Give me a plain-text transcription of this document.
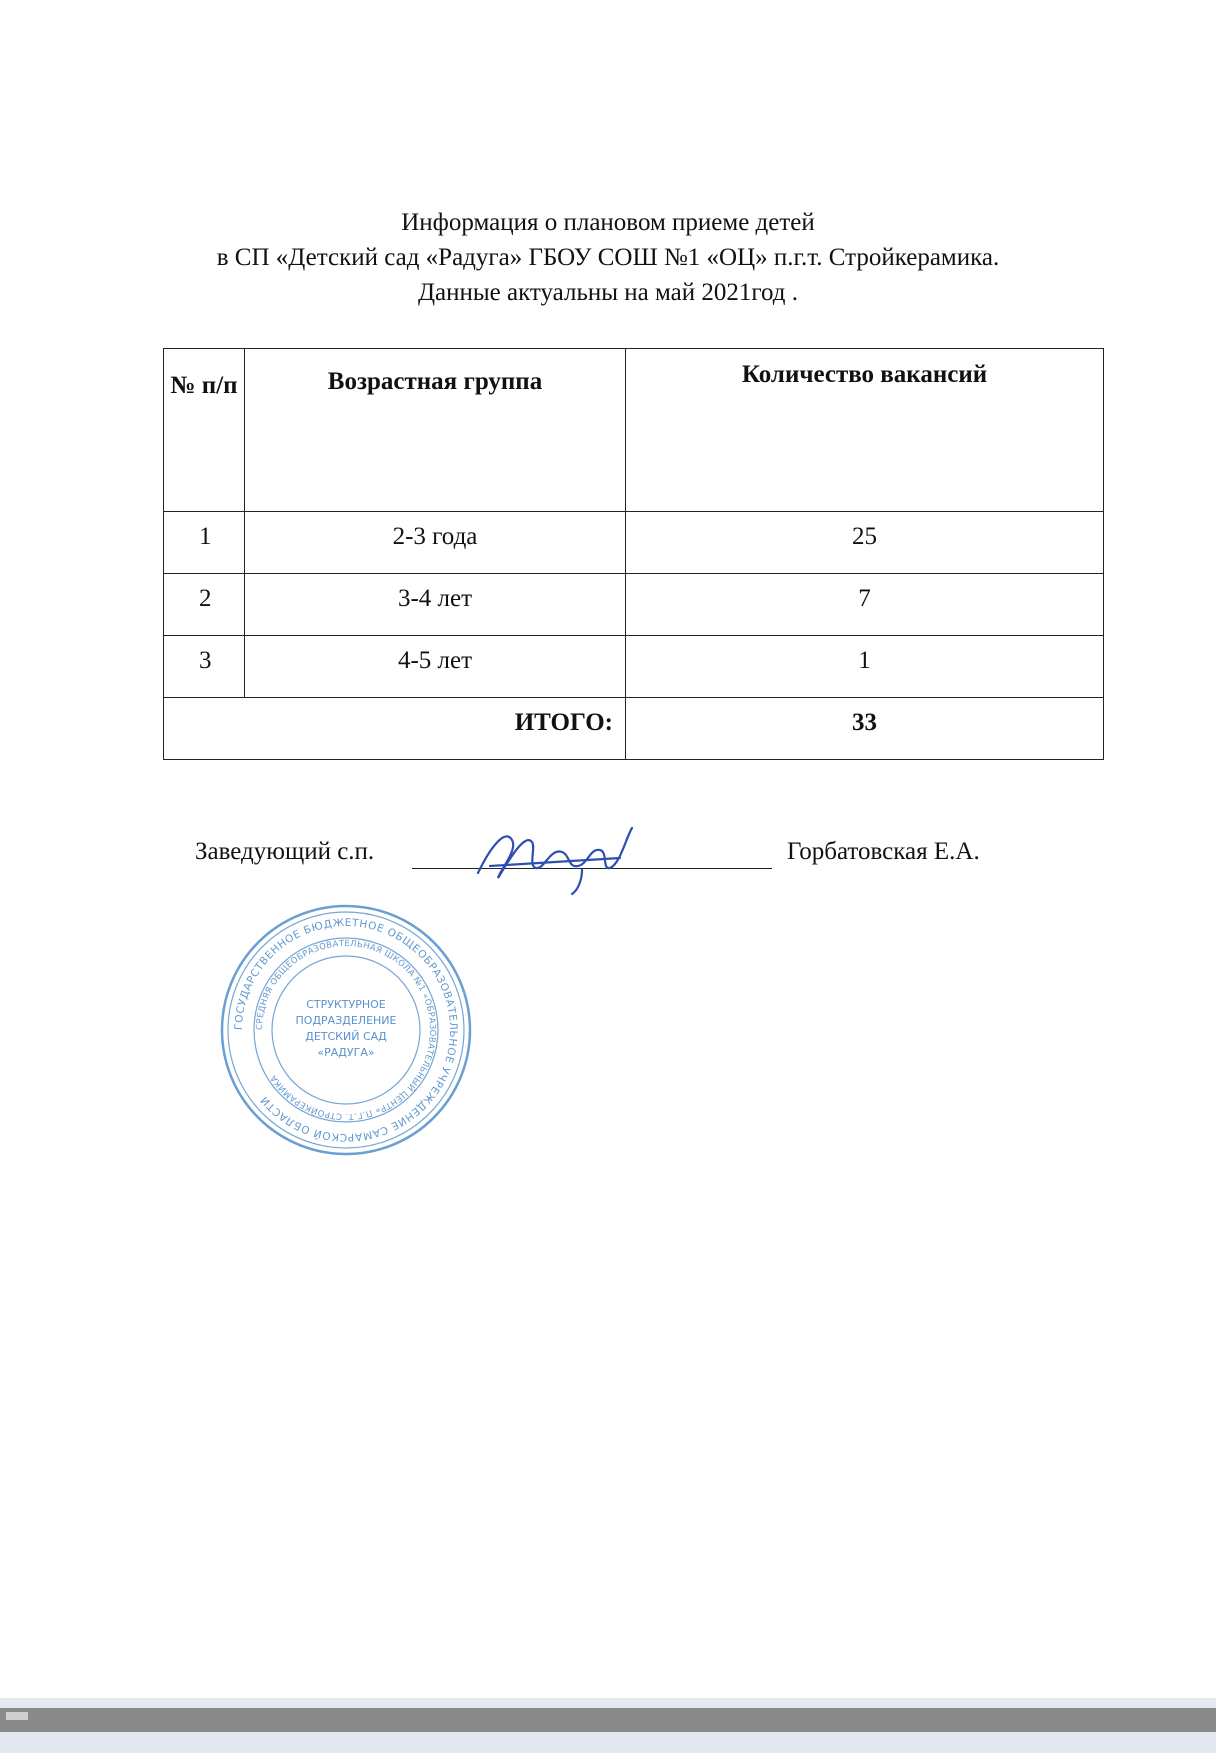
Информация о плановом приеме детей
в СП «Детский сад «Радуга» ГБОУ СОШ №1 «ОЦ» п.г.т. Стройкерамика.
Данные актуальны на май 2021год .
№ п/п	Возрастная группа	Количество вакансий
1	2-3 года	25
2	3-4 лет	7
3	4-5 лет	1
ИТОГО:		33
Заведующий с.п.	Горбатовская Е.А.
ГОСУДАРСТВЕННОЕ БЮДЖЕТНОЕ ОБЩЕОБРАЗОВАТЕЛЬНОЕ УЧРЕЖДЕНИЕ САМАРСКОЙ ОБЛАСТИ
СРЕДНЯЯ ОБЩЕОБРАЗОВАТЕЛЬНАЯ ШКОЛА №1 «ОБРАЗОВАТЕЛЬНЫЙ ЦЕНТР» П.Г.Т. СТРОЙКЕРАМИКА
СТРУКТУРНОЕ
ПОДРАЗДЕЛЕНИЕ
ДЕТСКИЙ САД
«РАДУГА»
